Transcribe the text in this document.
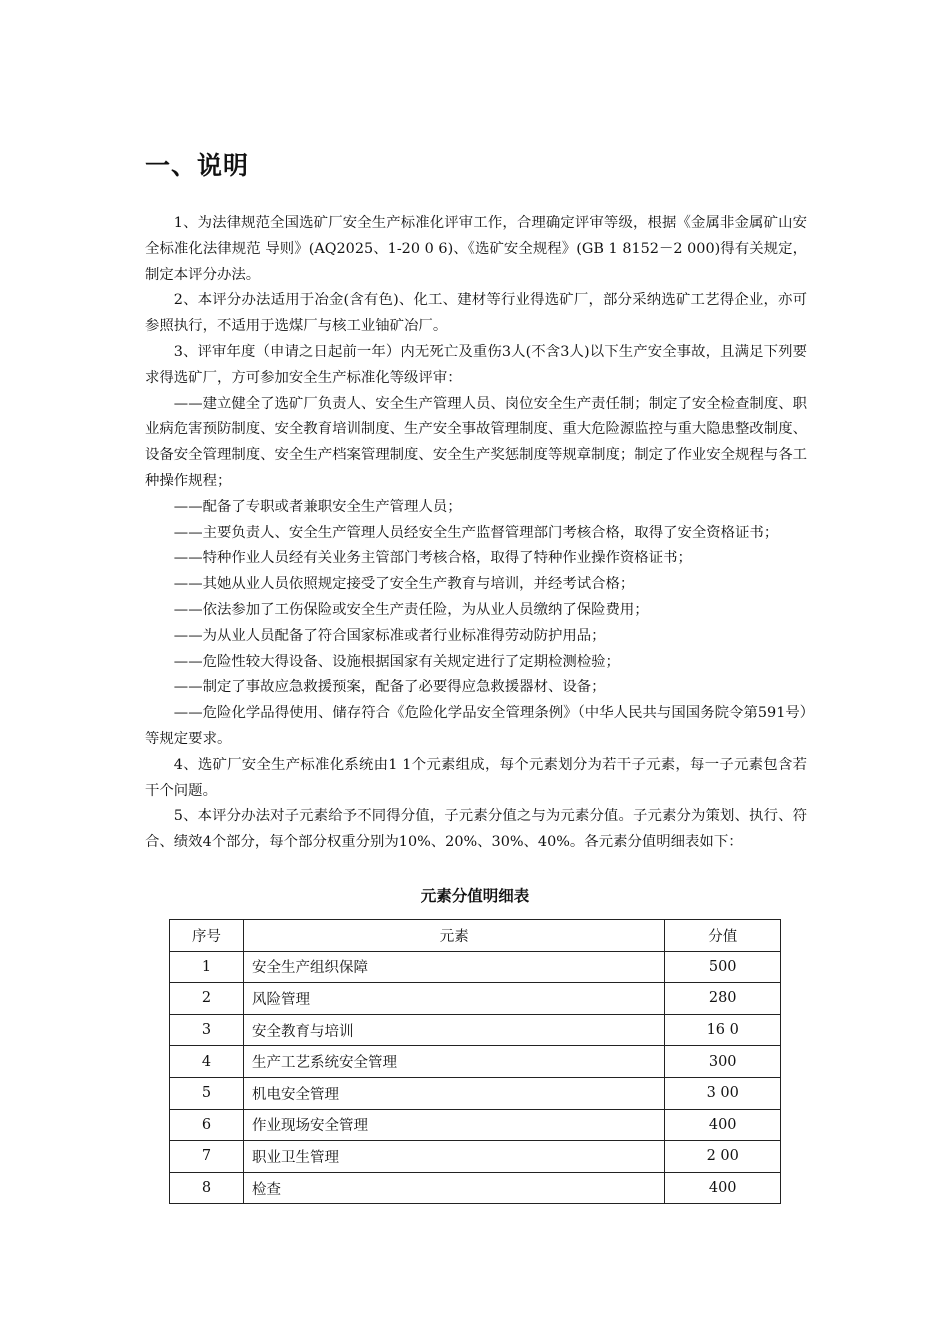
一、说明

1、为法律规范全国选矿厂安全生产标准化评审工作，合理确定评审等级，根据《金属非金属矿山安全标准化法律规范 导则》(AQ2025、1-20 0 6)、《选矿安全规程》(GB 1 8152－2 000)得有关规定，制定本评分办法。

2、本评分办法适用于冶金(含有色)、化工、建材等行业得选矿厂，部分采纳选矿工艺得企业，亦可参照执行，不适用于选煤厂与核工业铀矿冶厂。

3、评审年度（申请之日起前一年）内无死亡及重伤3人(不含3人)以下生产安全事故，且满足下列要求得选矿厂，方可参加安全生产标准化等级评审：

——建立健全了选矿厂负责人、安全生产管理人员、岗位安全生产责任制；制定了安全检查制度、职业病危害预防制度、安全教育培训制度、生产安全事故管理制度、重大危险源监控与重大隐患整改制度、设备安全管理制度、安全生产档案管理制度、安全生产奖惩制度等规章制度；制定了作业安全规程与各工种操作规程；

——配备了专职或者兼职安全生产管理人员；

——主要负责人、安全生产管理人员经安全生产监督管理部门考核合格，取得了安全资格证书；

——特种作业人员经有关业务主管部门考核合格，取得了特种作业操作资格证书；

——其她从业人员依照规定接受了安全生产教育与培训，并经考试合格；

——依法参加了工伤保险或安全生产责任险，为从业人员缴纳了保险费用；

——为从业人员配备了符合国家标准或者行业标准得劳动防护用品；

——危险性较大得设备、设施根据国家有关规定进行了定期检测检验；

——制定了事故应急救援预案，配备了必要得应急救援器材、设备；

——危险化学品得使用、储存符合《危险化学品安全管理条例》（中华人民共与国国务院令第591号）等规定要求。

4、选矿厂安全生产标准化系统由1 1个元素组成，每个元素划分为若干子元素，每一子元素包含若干个问题。

5、本评分办法对子元素给予不同得分值，子元素分值之与为元素分值。子元素分为策划、执行、符合、绩效4个部分，每个部分权重分别为10%、20%、30%、40%。各元素分值明细表如下：

元素分值明细表
序号	元素	分值
1	安全生产组织保障	500
2	风险管理	280
3	安全教育与培训	16 0
4	生产工艺系统安全管理	300
5	机电安全管理	3 00
6	作业现场安全管理	400
7	职业卫生管理	2 00
8	检查	400
